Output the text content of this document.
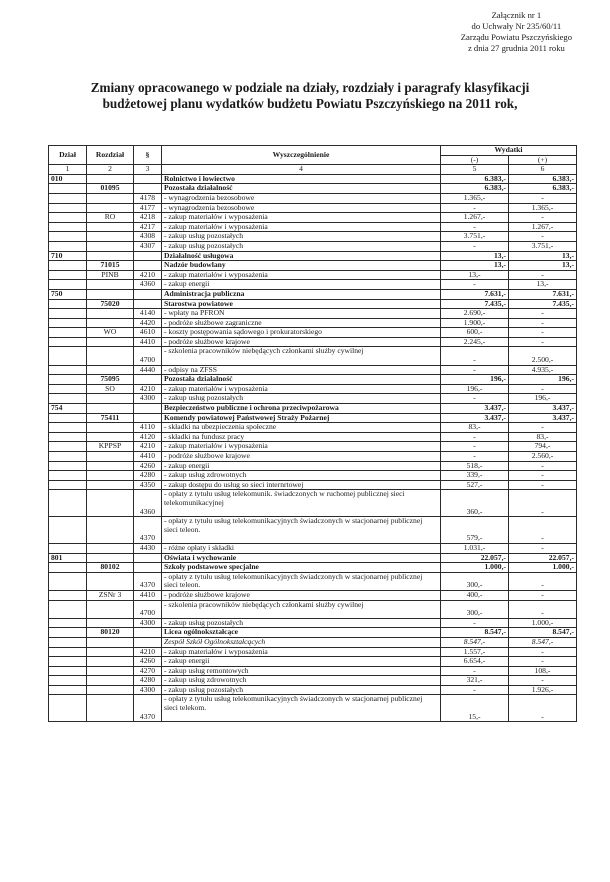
Załącznik nr 1
do Uchwały Nr 235/60/11
Zarządu Powiatu Pszczyńskiego
z dnia 27 grudnia 2011 roku
Zmiany opracowanego w podziale na działy, rozdziały i paragrafy klasyfikacji
budżetowej planu wydatków budżetu Powiatu Pszczyńskiego na 2011 rok,
Dział	Rozdział	§	Wyszczególnienie	Wydatki	
				(-)	(+)
1	2	3	4	5	6
010			Rolnictwo i łowiectwo	6.383,-	6.383,-
	01095		Pozostała działalność	6.383,-	6.383,-
		4178	- wynagrodzenia bezosobowe	1.365,-	-
		4177	- wynagrodzenia bezosobowe	-	1.365,-
	RO	4218	- zakup materiałów i wyposażenia	1.267,-	-
		4217	- zakup materiałów i wyposażenia	-	1.267,-
		4308	- zakup usług pozostałych	3.751,-	-
		4307	- zakup usług pozostałych	-	3.751,-
710			Działalność usługowa	13,-	13,-
	71015		Nadzór budowlany	13,-	13,-
	PINB	4210	- zakup materiałów i wyposażenia	13,-	-
		4360	- zakup energii	-	13,-
750			Administracja publiczna	7.631,-	7.631,-
	75020		Starostwa powiatowe	7.435,-	7.435,-
		4140	- wpłaty na PFRON	2.690,-	-
		4420	- podróże służbowe zagraniczne	1.900,-	-
	WO	4610	- koszty postępowania sądowego i prokuratorskiego	600,-	-
		4410	- podróże służbowe krajowe	2.245,-	-
		4700	- szkolenia pracowników niebędących członkami służby cywilnej	-	2.500,-
		4440	- odpisy na ZFSS	-	4.935,-
	75095		Pozostała działalność	196,-	196,-
	SO	4210	- zakup materiałów i wyposażenia	196,-	-
		4300	- zakup usług pozostałych	-	196,-
754			Bezpieczeństwo publiczne i ochrona przeciwpożarowa	3.437,-	3.437,-
	75411		Komendy powiatowej Państwowej Straży Pożarnej	3.437,-	3.437,-
		4110	- składki na ubezpieczenia społeczne	83,-	-
		4120	- składki na fundusz pracy	-	83,-
	KPPSP	4210	- zakup materiałów i wyposażenia	-	794,-
		4410	- podróże służbowe krajowe	-	2.560,-
		4260	- zakup energii	518,-	-
		4280	- zakup usług zdrowotnych	339,-	-
		4350	- zakup dostępu do usług so sieci internrtowej	527,-	-
		4360	- opłaty z tytułu usług telekomunik. świadczonych w ruchomej publicznej sieci telekomunikacyjnej	360,-	-
		4370	- opłaty z tytułu usług telekomunikacyjnych świadczonych w stacjonarnej publicznej sieci teleon.	579,-	-
		4430	- różne opłaty i składki	1.031,-	-
801			Oświata i wychowanie	22.057,-	22.057,-
	80102		Szkoły podstawowe specjalne	1.000,-	1.000,-
		4370	- opłaty z tytułu usług telekomunikacyjnych świadczonych w stacjonarnej publicznej sieci teleon.	300,-	-
	ZSNr 3	4410	- podróże służbowe krajowe	400,-	-
		4700	- szkolenia pracowników niebędących członkami służby cywilnej	300,-	-
		4300	- zakup usług pozostałych	-	1.000,-
	80120		Licea ogólnokształcące	8.547,-	8.547,-
			Zespół Szkół Ogólnokształcących	8.547,-	8.547,-
		4210	- zakup materiałów i wyposażenia	1.557,-	-
		4260	- zakup energii	6.654,-	-
		4270	- zakup usług remontowych	-	108,-
		4280	- zakup usług zdrowotnych	321,-	-
		4300	- zakup usług pozostałych	-	1.926,-
		4370	- opłaty z tytułu usług telekomunikacyjnych świadczonych w stacjonarnej publicznej sieci telekom.	15,-	-
